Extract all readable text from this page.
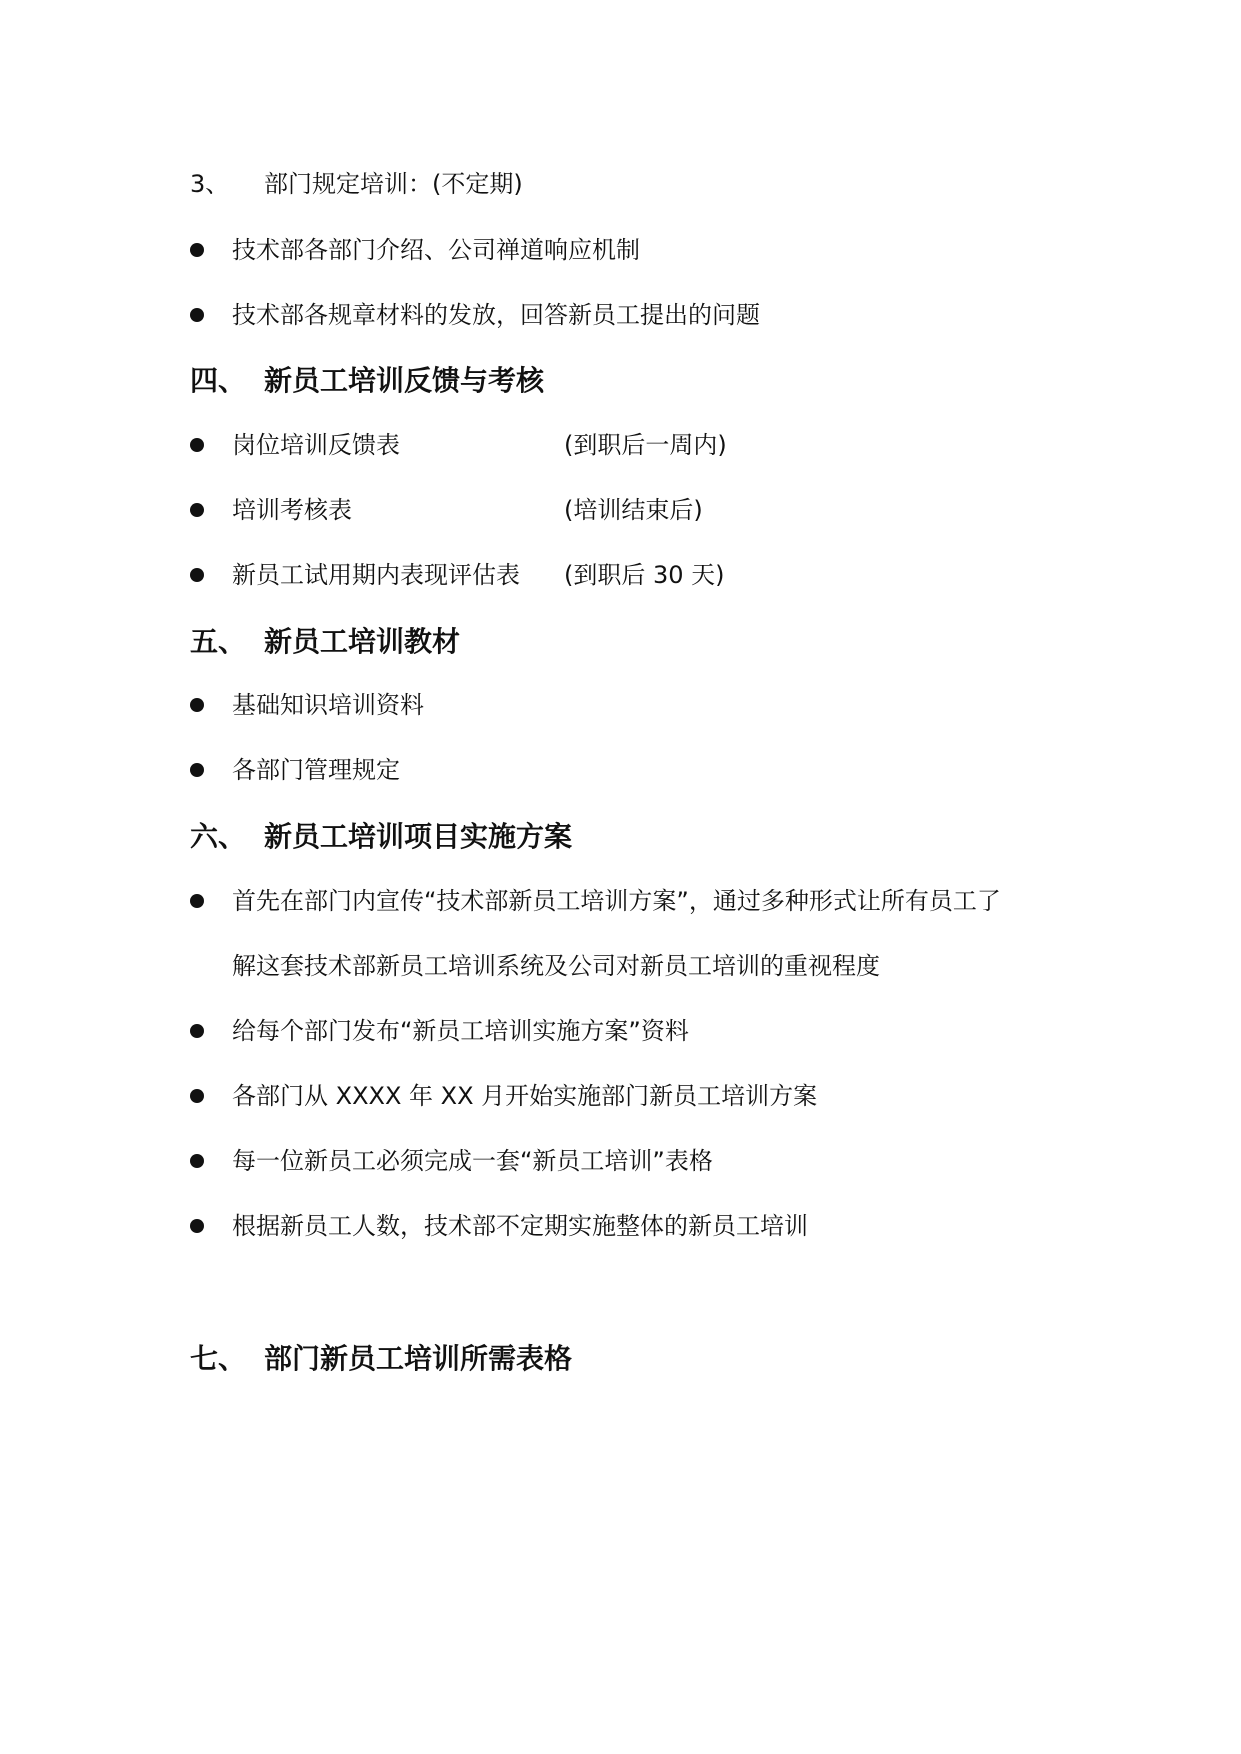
3、 部门规定培训：(不定期)
技术部各部门介绍、公司禅道响应机制
技术部各规章材料的发放，回答新员工提出的问题
四、 新员工培训反馈与考核
岗位培训反馈表	(到职后一周内)
培训考核表	(培训结束后)
新员工试用期内表现评估表 (到职后 30 天)
五、 新员工培训教材
基础知识培训资料
各部门管理规定
六、 新员工培训项目实施方案
首先在部门内宣传“技术部新员工培训方案”，通过多种形式让所有员工了
解这套技术部新员工培训系统及公司对新员工培训的重视程度
给每个部门发布“新员工培训实施方案”资料
各部门从 XXXX 年 XX 月开始实施部门新员工培训方案
每一位新员工必须完成一套“新员工培训”表格
根据新员工人数，技术部不定期实施整体的新员工培训
七、 部门新员工培训所需表格
